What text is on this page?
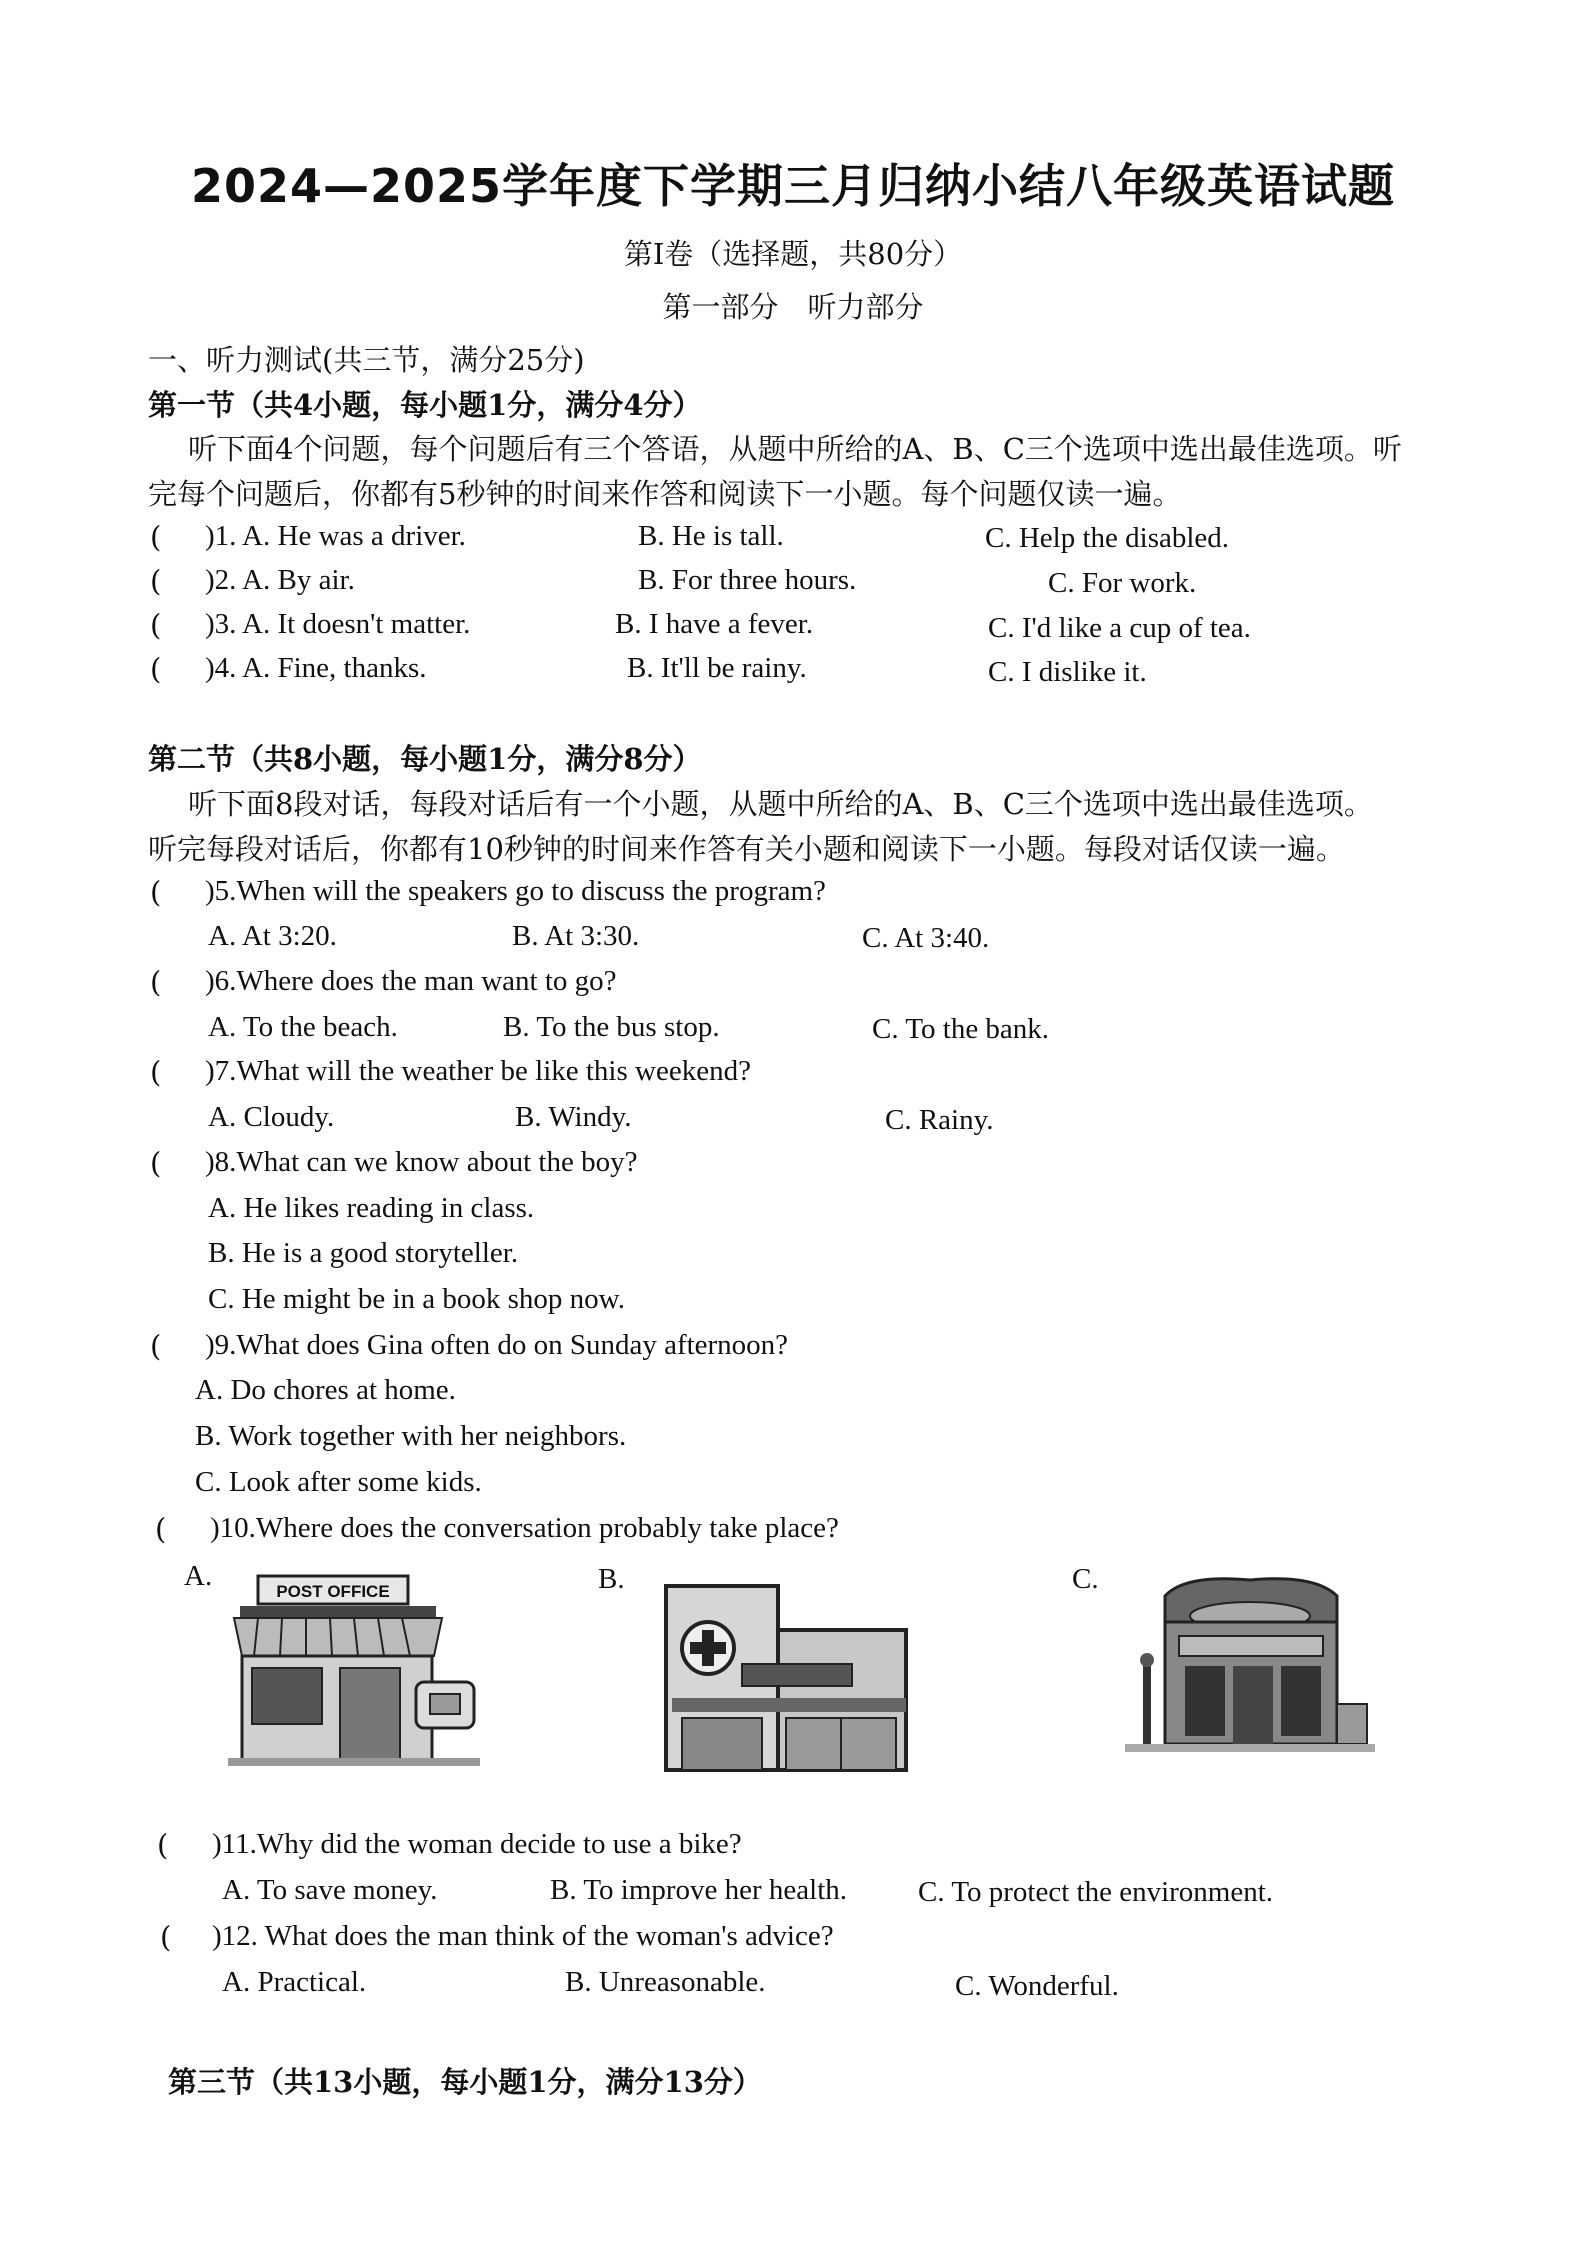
2024—2025学年度下学期三月归纳小结八年级英语试题
第Ⅰ卷（选择题，共80分）
第一部分　听力部分
一、听力测试(共三节，满分25分)
第一节（共4小题，每小题1分，满分4分）
听下面4个问题，每个问题后有三个答语，从题中所给的A、B、C三个选项中选出最佳选项。听
完每个问题后，你都有5秒钟的时间来作答和阅读下一小题。每个问题仅读一遍。
( )1. A. He was a driver.	B. He is tall.	C. Help the disabled.
( )2. A. By air.	B. For three hours.	C. For work.
( )3. A. It doesn't matter.	B. I have a fever.	C. I'd like a cup of tea.
( )4. A. Fine, thanks.	B. It'll be rainy.	C. I dislike it.
第二节（共8小题，每小题1分，满分8分）
听下面8段对话，每段对话后有一个小题，从题中所给的A、B、C三个选项中选出最佳选项。
听完每段对话后，你都有10秒钟的时间来作答有关小题和阅读下一小题。每段对话仅读一遍。
( )5.When will the speakers go to discuss the program?
A. At 3:20.	B. At 3:30.	C. At 3:40.
( )6.Where does the man want to go?
A. To the beach.	B. To the bus stop.	C. To the bank.
( )7.What will the weather be like this weekend?
A. Cloudy.	B. Windy.	C. Rainy.
( )8.What can we know about the boy?
A. He likes reading in class.
B. He is a good storyteller.
C. He might be in a book shop now.
( )9.What does Gina often do on Sunday afternoon?
A. Do chores at home.
B. Work together with her neighbors.
C. Look after some kids.
( )10.Where does the conversation probably take place?
A.	B.	C.
POST OFFICE
( )11.Why did the woman decide to use a bike?
A. To save money.	B. To improve her health. C. To protect the environment.
( )12. What does the man think of the woman's advice?
A. Practical.	B. Unreasonable.	C. Wonderful.
第三节（共13小题，每小题1分，满分13分）
